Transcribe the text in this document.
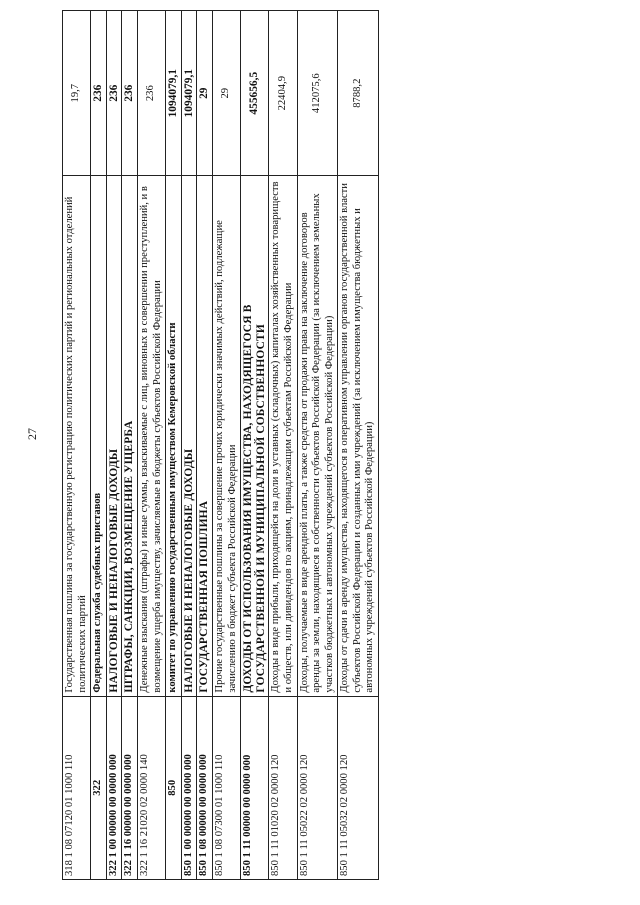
27
318 1 08 07120 01 1000 110	Государственная пошлина за государственную регистрацию политических партий и региональных отделений политических партий	19,7
322	Федеральная служба судебных приставов	236
322 1 00 00000 00 0000 000	НАЛОГОВЫЕ И НЕНАЛОГОВЫЕ ДОХОДЫ	236
322 1 16 00000 00 0000 000	ШТРАФЫ, САНКЦИИ, ВОЗМЕЩЕНИЕ УЩЕРБА	236
322 1 16 21020 02 0000 140	Денежные взыскания (штрафы) и иные суммы, взыскиваемые с лиц, виновных в совершении преступлений, и в возмещение ущерба имуществу, зачисляемые в бюджеты субъектов Российской Федерации	236
850	комитет по управлению государственным имуществом Кемеровской области	1094079,1
850 1 00 00000 00 0000 000	НАЛОГОВЫЕ И НЕНАЛОГОВЫЕ ДОХОДЫ	1094079,1
850 1 08 00000 00 0000 000	ГОСУДАРСТВЕННАЯ ПОШЛИНА	29
850 1 08 07300 01 1000 110	Прочие государственные пошлины за совершение прочих юридически значимых действий, подлежащие зачислению в бюджет субъекта Российской Федерации	29
850 1 11 00000 00 0000 000	ДОХОДЫ ОТ ИСПОЛЬЗОВАНИЯ ИМУЩЕСТВА, НАХОДЯЩЕГОСЯ В ГОСУДАРСТВЕННОЙ И МУНИЦИПАЛЬНОЙ СОБСТВЕННОСТИ	455656,5
850 1 11 01020 02 0000 120	Доходы в виде прибыли, приходящейся на доли в уставных (складочных) капиталах хозяйственных товариществ и обществ, или дивидендов по акциям, принадлежащим субъектам Российской Федерации	22404,9
850 1 11 05022 02 0000 120	Доходы, получаемые в виде арендной платы, а также средства от продажи права на заключение договоров аренды за земли, находящиеся в собственности субъектов Российской Федерации (за исключением земельных участков бюджетных и автономных учреждений субъектов Российской Федерации)	412075,6
850 1 11 05032 02 0000 120	Доходы от сдачи в аренду имущества, находящегося в оперативном управлении органов государственной власти субъектов Российской Федерации и созданных ими учреждений (за исключением имущества бюджетных и автономных учреждений субъектов Российской Федерации)	8788,2
